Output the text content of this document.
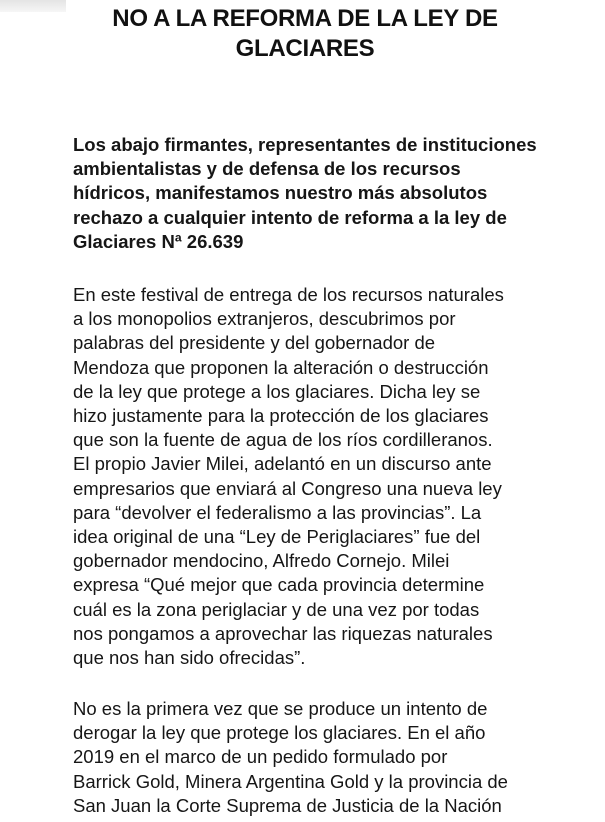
NO A LA REFORMA DE LA LEY DE
GLACIARES
Los abajo firmantes, representantes de instituciones
ambientalistas y de defensa de los recursos
hídricos, manifestamos nuestro más absolutos
rechazo a cualquier intento de reforma a la ley de
Glaciares Nª 26.639
En este festival de entrega de los recursos naturales
a los monopolios extranjeros, descubrimos por
palabras del presidente y del gobernador de
Mendoza que proponen la alteración o destrucción
de la ley que protege a los glaciares. Dicha ley se
hizo justamente para la protección de los glaciares
que son la fuente de agua de los ríos cordilleranos.
El propio Javier Milei, adelantó en un discurso ante
empresarios que enviará al Congreso una nueva ley
para “devolver el federalismo a las provincias”. La
idea original de una “Ley de Periglaciares” fue del
gobernador mendocino, Alfredo Cornejo. Milei
expresa “Qué mejor que cada provincia determine
cuál es la zona periglaciar y de una vez por todas
nos pongamos a aprovechar las riquezas naturales
que nos han sido ofrecidas”.
No es la primera vez que se produce un intento de
derogar la ley que protege los glaciares. En el año
2019 en el marco de un pedido formulado por
Barrick Gold, Minera Argentina Gold y la provincia de
San Juan la Corte Suprema de Justicia de la Nación
